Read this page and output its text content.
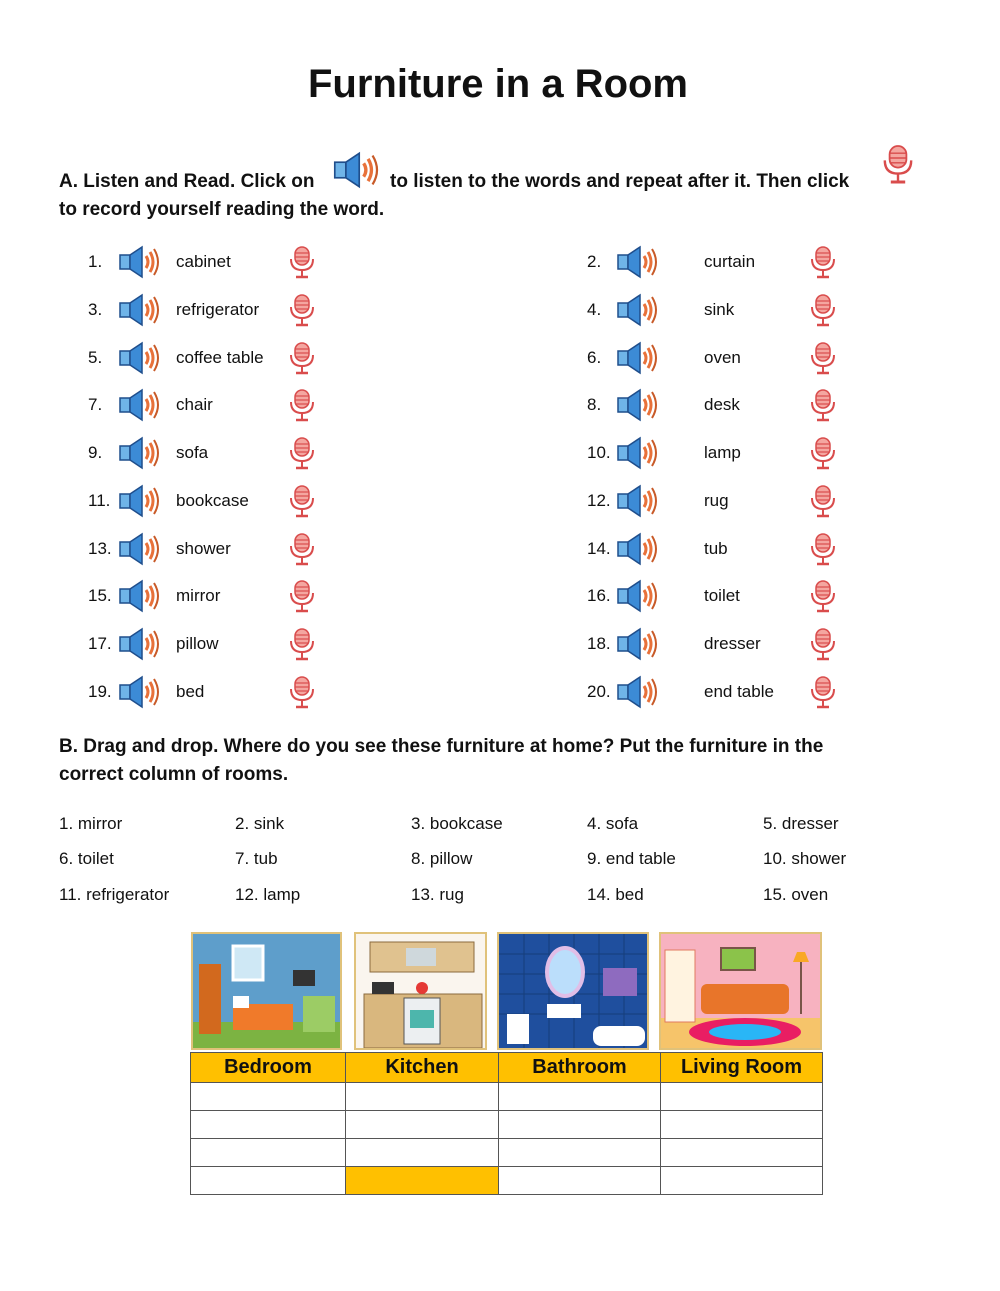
Furniture in a Room
A. Listen and Read. Click on	to listen to the words and repeat after it. Then click
to record yourself reading the word.
1.	cabinet	2.	curtain
3.	refrigerator	4.	sink
5.	coffee table	6.	oven
7.	chair	8.	desk
9.	sofa	10.	lamp
11.	bookcase	12.	rug
13.	shower	14.	tub
15.	mirror	16.	toilet
17.	pillow	18.	dresser
19.	bed	20.	end table
B. Drag and drop. Where do you see these furniture at home? Put the furniture in the
correct column of rooms.
1. mirror	2. sink	3. bookcase	4. sofa	5. dresser
6. toilet	7. tub	8. pillow	9. end table	10. shower
11. refrigerator	12. lamp	13. rug	14. bed	15. oven
Bedroom	Kitchen	Bathroom	Living Room
